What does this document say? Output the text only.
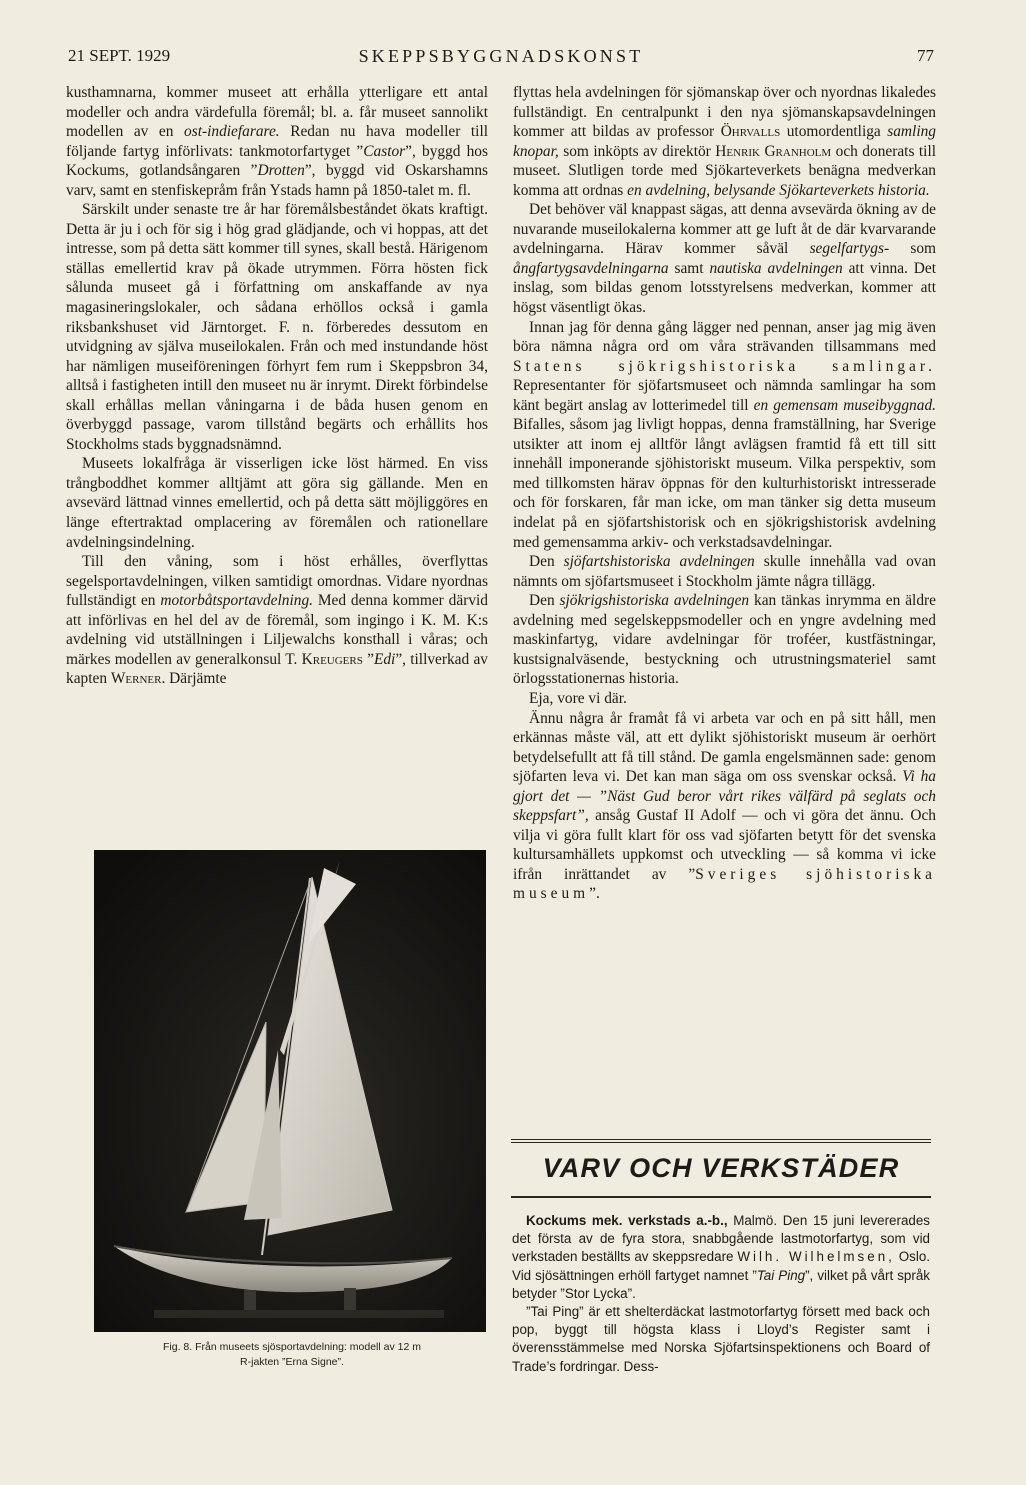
21 SEPT. 1929	SKEPPSBYGGNADSKONST	77

kusthamnarna, kommer museet att erhålla ytterligare ett antal modeller och andra värdefulla föremål; bl. a. får museet sannolikt modellen av en ost-indiefarare. Redan nu hava modeller till följande fartyg införlivats: tankmotorfartyget ”Castor”, byggd hos Kockums, gotlandsångaren ”Drotten”, byggd vid Oskarshamns varv, samt en stenfiskepråm från Ystads hamn på 1850-talet m. fl.

Särskilt under senaste tre år har föremålsbeståndet ökats kraftigt. Detta är ju i och för sig i hög grad glädjande, och vi hoppas, att det intresse, som på detta sätt kommer till synes, skall bestå. Härigenom ställas emellertid krav på ökade utrymmen. Förra hösten fick sålunda museet gå i författning om anskaffande av nya magasineringslokaler, och sådana erhöllos också i gamla riksbankshuset vid Järntorget. F. n. förberedes dessutom en utvidgning av själva museilokalen. Från och med instundande höst har nämligen museiföreningen förhyrt fem rum i Skeppsbron 34, alltså i fastigheten intill den museet nu är inrymt. Direkt förbindelse skall erhållas mellan våningarna i de båda husen genom en överbyggd passage, varom tillstånd begärts och erhållits hos Stockholms stads byggnadsnämnd.

Museets lokalfråga är visserligen icke löst härmed. En viss trångboddhet kommer alltjämt att göra sig gällande. Men en avsevärd lättnad vinnes emellertid, och på detta sätt möjliggöres en länge eftertraktad omplacering av föremålen och rationellare avdelningsindelning.

Till den våning, som i höst erhålles, överflyttas segelsportavdelningen, vilken samtidigt omordnas. Vidare nyordnas fullständigt en motorbåtsportavdelning. Med denna kommer därvid att införlivas en hel del av de föremål, som ingingo i K. M. K:s avdelning vid utställningen i Liljewalchs konsthall i våras; och märkes modellen av generalkonsul T. Kreugers ”Edi”, tillverkad av kapten Werner. Därjämte

Fig. 8. Från museets sjösportavdelning: modell av 12 m
R-jakten ”Erna Signe”.

flyttas hela avdelningen för sjömanskap över och nyordnas likaledes fullständigt. En centralpunkt i den nya sjömanskapsavdelningen kommer att bildas av professor Öhrvalls utomordentliga samling knopar, som inköpts av direktör Henrik Granholm och donerats till museet. Slutligen torde med Sjökarteverkets benägna medverkan komma att ordnas en avdelning, belysande Sjökarteverkets historia.

Det behöver väl knappast sägas, att denna avsevärda ökning av de nuvarande museilokalerna kommer att ge luft åt de där kvarvarande avdelningarna. Härav kommer såväl segelfartygs- som ångfartygsavdelningarna samt nautiska avdelningen att vinna. Det inslag, som bildas genom lotsstyrelsens medverkan, kommer att högst väsentligt ökas.

Innan jag för denna gång lägger ned pennan, anser jag mig även böra nämna några ord om våra strävanden tillsammans med Statens sjökrigshistoriska samlingar. Representanter för sjöfartsmuseet och nämnda samlingar ha som känt begärt anslag av lotterimedel till en gemensam museibyggnad. Bifalles, såsom jag livligt hoppas, denna framställning, har Sverige utsikter att inom ej alltför långt avlägsen framtid få ett till sitt innehåll imponerande sjöhistoriskt museum. Vilka perspektiv, som med tillkomsten härav öppnas för den kulturhistoriskt intresserade och för forskaren, får man icke, om man tänker sig detta museum indelat på en sjöfartshistorisk och en sjökrigshistorisk avdelning med gemensamma arkiv- och verkstadsavdelningar.

Den sjöfartshistoriska avdelningen skulle innehålla vad ovan nämnts om sjöfartsmuseet i Stockholm jämte några tillägg.

Den sjökrigshistoriska avdelningen kan tänkas inrymma en äldre avdelning med segelskeppsmodeller och en yngre avdelning med maskinfartyg, vidare avdelningar för troféer, kustfästningar, kustsignalväsende, bestyckning och utrustningsmateriel samt örlogsstationernas historia.

Eja, vore vi där.

Ännu några år framåt få vi arbeta var och en på sitt håll, men erkännas måste väl, att ett dylikt sjöhistoriskt museum är oerhört betydelsefullt att få till stånd. De gamla engelsmännen sade: genom sjöfarten leva vi. Det kan man säga om oss svenskar också. Vi ha gjort det — ”Näst Gud beror vårt rikes välfärd på seglats och skeppsfart”, ansåg Gustaf II Adolf — och vi göra det ännu. Och vilja vi göra fullt klart för oss vad sjöfarten betytt för det svenska kultursamhällets uppkomst och utveckling — så komma vi icke ifrån inrättandet av ”Sveriges sjöhistoriska museum”.

VARV OCH VERKSTÄDER

Kockums mek. verkstads a.-b., Malmö. Den 15 juni levererades det första av de fyra stora, snabbgående lastmotorfartyg, som vid verkstaden beställts av skeppsredare Wilh. Wilhelmsen, Oslo. Vid sjösättningen erhöll fartyget namnet ”Tai Ping”, vilket på vårt språk betyder ”Stor Lycka”.

”Tai Ping” är ett shelterdäckat lastmotorfartyg försett med back och pop, byggt till högsta klass i Lloyd’s Register samt i överensstämmelse med Norska Sjöfartsinspektionens och Board of Trade’s fordringar. Dess-
